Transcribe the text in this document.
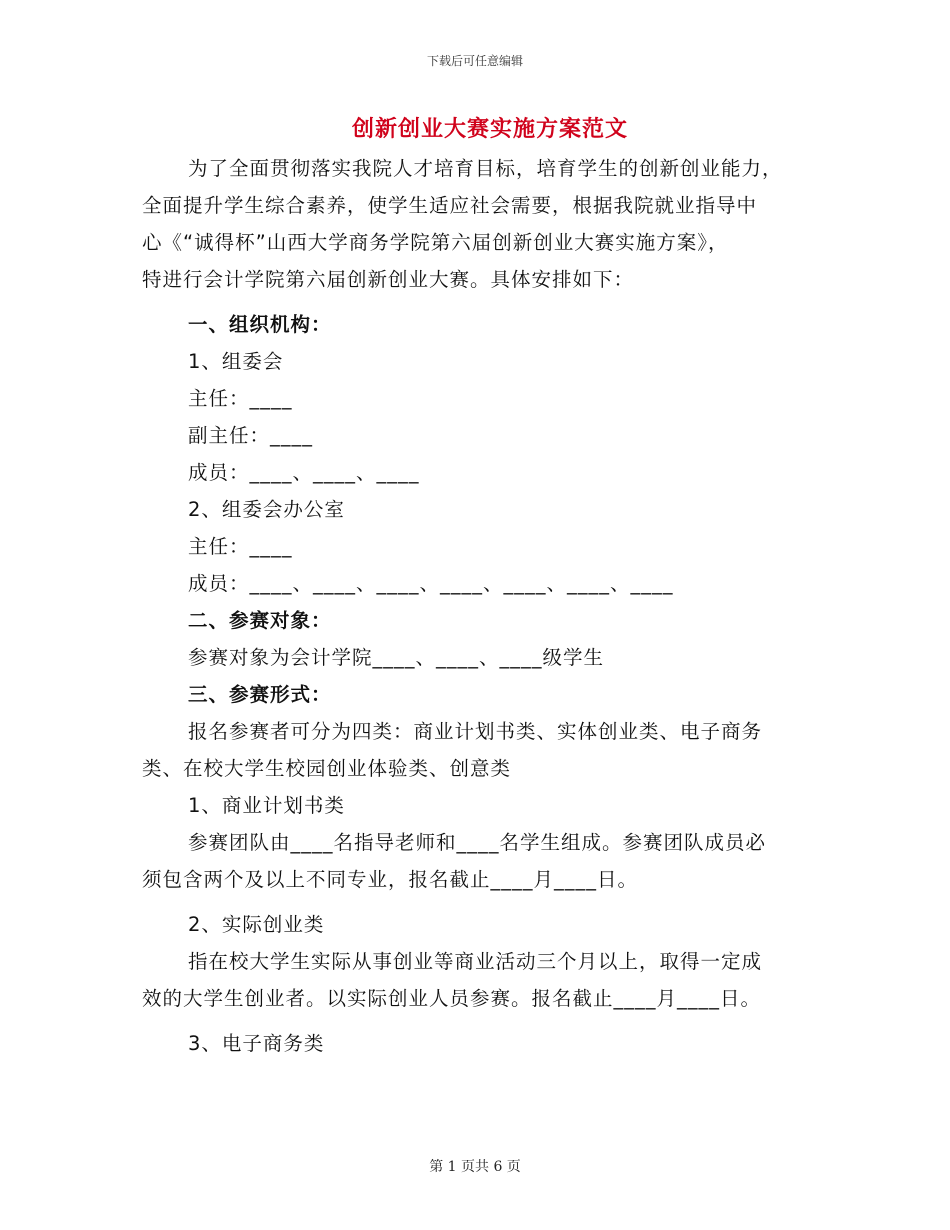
下载后可任意编辑
创新创业大赛实施方案范文
为了全面贯彻落实我院人才培育目标，培育学生的创新创业能力，
全面提升学生综合素养，使学生适应社会需要，根据我院就业指导中
心《“诚得杯”山西大学商务学院第六届创新创业大赛实施方案》，
特进行会计学院第六届创新创业大赛。具体安排如下：
一、组织机构：
1、组委会
主任：____
副主任：____
成员：____、____、____
2、组委会办公室
主任：____
成员：____、____、____、____、____、____、____
二、参赛对象：
参赛对象为会计学院____、____、____级学生
三、参赛形式：
报名参赛者可分为四类：商业计划书类、实体创业类、电子商务
类、在校大学生校园创业体验类、创意类
1、商业计划书类
参赛团队由____名指导老师和____名学生组成。参赛团队成员必
须包含两个及以上不同专业，报名截止____月____日。
2、实际创业类
指在校大学生实际从事创业等商业活动三个月以上，取得一定成
效的大学生创业者。以实际创业人员参赛。报名截止____月____日。
3、电子商务类
第 1 页共 6 页
